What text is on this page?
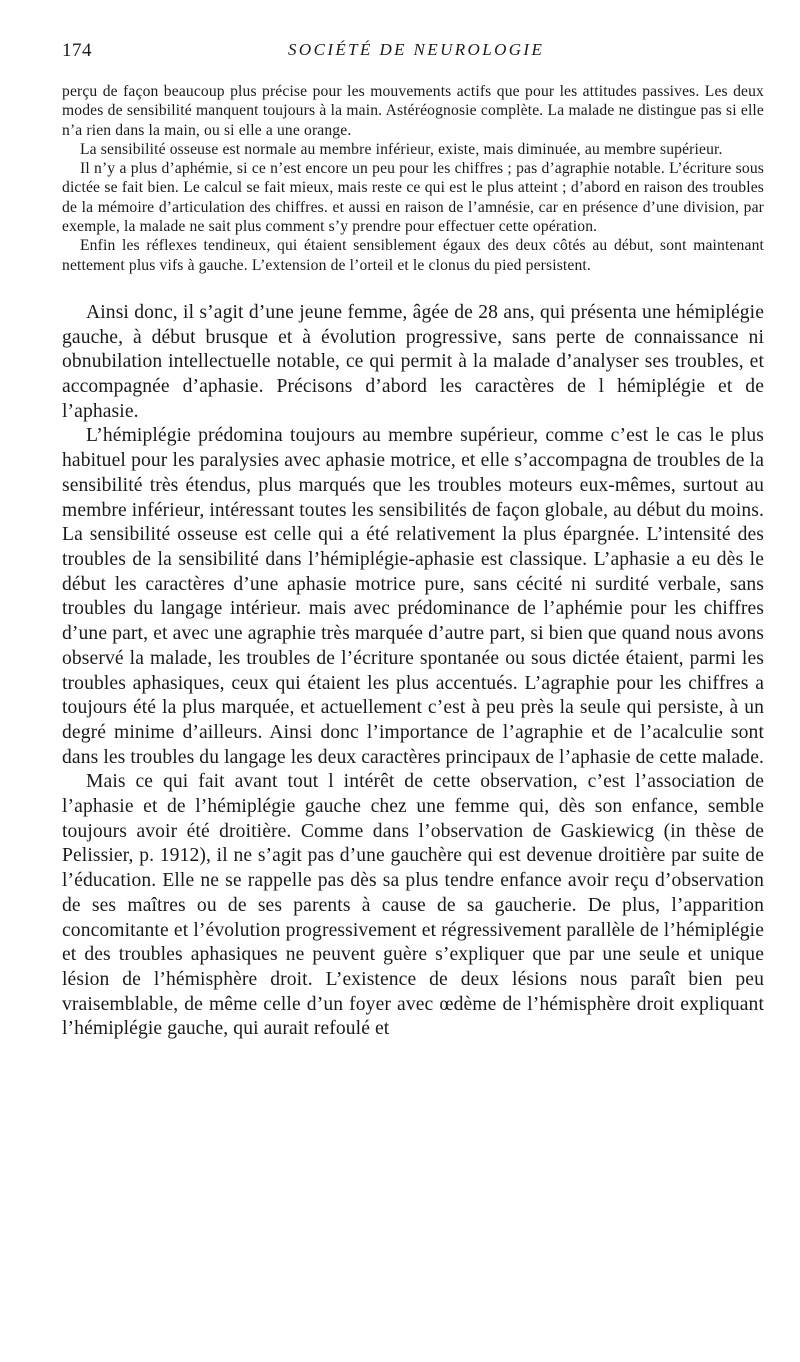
174	SOCIÉTÉ DE NEUROLOGIE

perçu de façon beaucoup plus précise pour les mouvements actifs que pour les attitudes passives. Les deux modes de sensibilité manquent toujours à la main. Astéréognosie complète. La malade ne distingue pas si elle n’a rien dans la main, ou si elle a une orange.

La sensibilité osseuse est normale au membre inférieur, existe, mais diminuée, au membre supérieur.

Il n’y a plus d’aphémie, si ce n’est encore un peu pour les chiffres ; pas d’agraphie notable. L’écriture sous dictée se fait bien. Le calcul se fait mieux, mais reste ce qui est le plus atteint ; d’abord en raison des troubles de la mémoire d’articulation des chiffres. et aussi en raison de l’amnésie, car en présence d’une division, par exemple, la malade ne sait plus comment s’y prendre pour effectuer cette opération.

Enfin les réflexes tendineux, qui étaient sensiblement égaux des deux côtés au début, sont maintenant nettement plus vifs à gauche. L’extension de l’orteil et le clonus du pied persistent.

Ainsi donc, il s’agit d’une jeune femme, âgée de 28 ans, qui présenta une hémiplégie gauche, à début brusque et à évolution progressive, sans perte de connaissance ni obnubilation intellectuelle notable, ce qui permit à la malade d’analyser ses troubles, et accompagnée d’aphasie. Précisons d’abord les caractères de l hémiplégie et de l’aphasie.

L’hémiplégie prédomina toujours au membre supérieur, comme c’est le cas le plus habituel pour les paralysies avec aphasie motrice, et elle s’accompagna de troubles de la sensibilité très étendus, plus marqués que les troubles moteurs eux-mêmes, surtout au membre inférieur, intéressant toutes les sensibilités de façon globale, au début du moins. La sensibilité osseuse est celle qui a été relativement la plus épargnée. L’intensité des troubles de la sensibilité dans l’hémiplégie-aphasie est classique. L’aphasie a eu dès le début les caractères d’une aphasie motrice pure, sans cécité ni surdité verbale, sans troubles du langage intérieur. mais avec prédominance de l’aphémie pour les chiffres d’une part, et avec une agraphie très marquée d’autre part, si bien que quand nous avons observé la malade, les troubles de l’écriture spontanée ou sous dictée étaient, parmi les troubles aphasiques, ceux qui étaient les plus accentués. L’agraphie pour les chiffres a toujours été la plus marquée, et actuellement c’est à peu près la seule qui persiste, à un degré minime d’ailleurs. Ainsi donc l’importance de l’agraphie et de l’acalculie sont dans les troubles du langage les deux caractères principaux de l’aphasie de cette malade.

Mais ce qui fait avant tout l intérêt de cette observation, c’est l’association de l’aphasie et de l’hémiplégie gauche chez une femme qui, dès son enfance, semble toujours avoir été droitière. Comme dans l’observation de Gaskiewicg (in thèse de Pelissier, p. 1912), il ne s’agit pas d’une gauchère qui est devenue droitière par suite de l’éducation. Elle ne se rappelle pas dès sa plus tendre enfance avoir reçu d’observation de ses maîtres ou de ses parents à cause de sa gaucherie. De plus, l’apparition concomitante et l’évolution progressivement et régressivement parallèle de l’hémiplégie et des troubles aphasiques ne peuvent guère s’expliquer que par une seule et unique lésion de l’hémisphère droit. L’existence de deux lésions nous paraît bien peu vraisemblable, de même celle d’un foyer avec œdème de l’hémisphère droit expliquant l’hémiplégie gauche, qui aurait refoulé et
